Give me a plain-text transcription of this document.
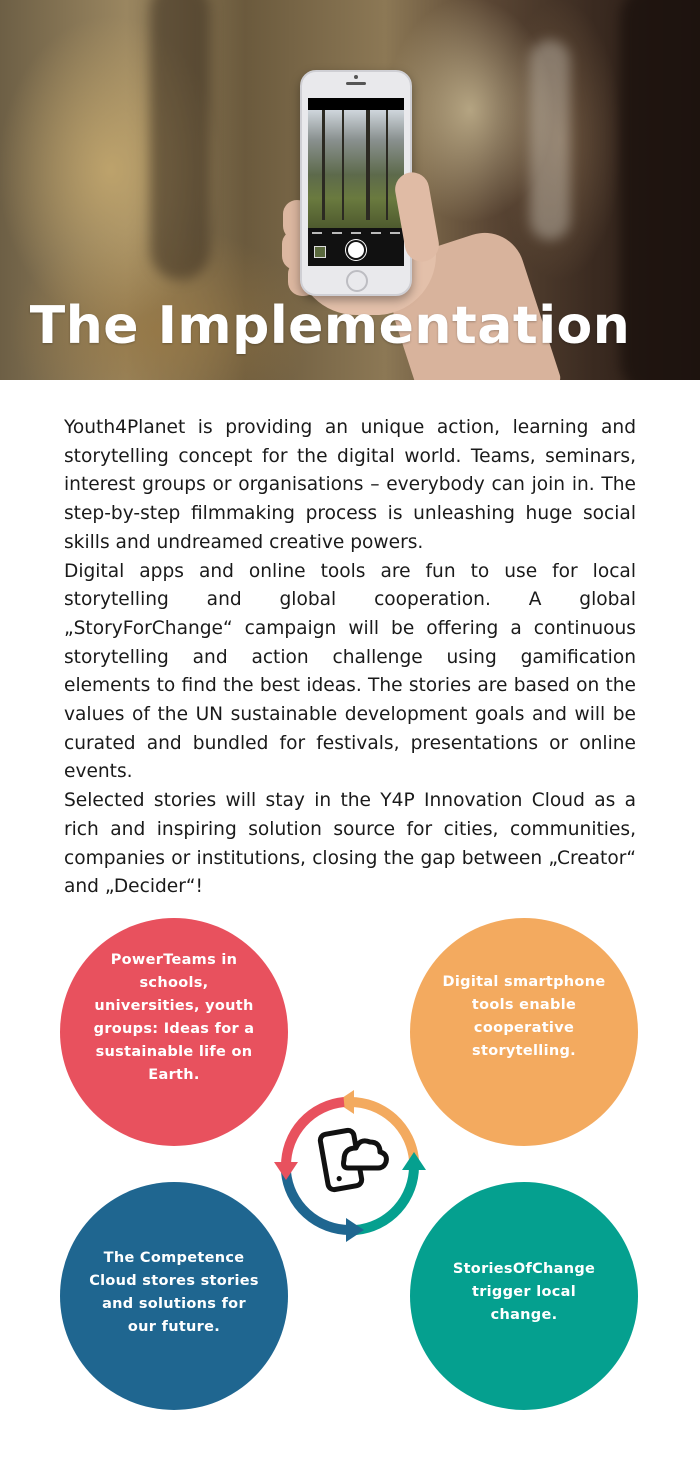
The Implementation

Youth4Planet is providing an unique action, learning and storytelling concept for the digital world. Teams, seminars, interest groups or organisations – everybody can join in. The step-by-step filmmaking process is unleashing huge social skills and undreamed creative powers.

Digital apps and online tools are fun to use for local storytelling and global cooperation. A global „StoryForChange“ campaign will be offering a continuous storytelling and action challenge using gamification elements to find the best ideas. The stories are based on the values of the UN sustainable development goals and will be curated and bundled for festivals, presentations or online events.

Selected stories will stay in the Y4P Innovation Cloud as a rich and inspiring solution source for cities, communities, companies or institutions, closing the gap between „Creator“ and „Decider“!

PowerTeams in schools, universities, youth groups: Ideas for a sustainable life on Earth.
Digital smartphone tools enable cooperative storytelling.
The Competence Cloud stores stories and solutions for our future.
StoriesOfChange trigger local change.
